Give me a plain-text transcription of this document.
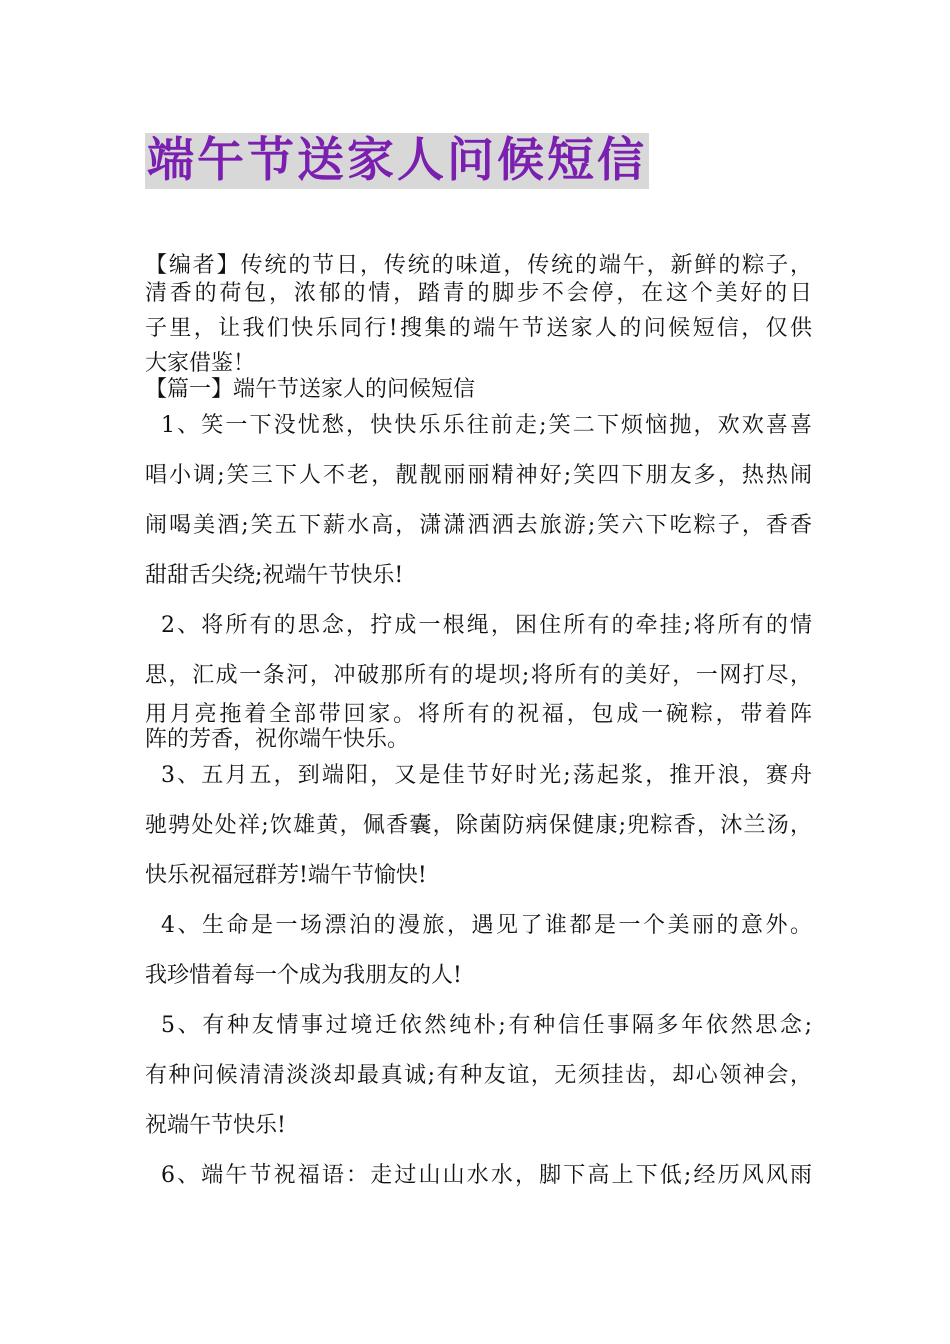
端午节送家人问候短信
【编者】传统的节日，传统的味道，传统的端午，新鲜的粽子，
清香的荷包，浓郁的情，踏青的脚步不会停，在这个美好的日
子里，让我们快乐同行!搜集的端午节送家人的问候短信，仅供
大家借鉴！
【篇一】端午节送家人的问候短信
1、笑一下没忧愁，快快乐乐往前走;笑二下烦恼抛，欢欢喜喜
唱小调;笑三下人不老，靓靓丽丽精神好;笑四下朋友多，热热闹
闹喝美酒;笑五下薪水高，潇潇洒洒去旅游;笑六下吃粽子，香香
甜甜舌尖绕;祝端午节快乐!
2、将所有的思念，拧成一根绳，困住所有的牵挂;将所有的情
思，汇成一条河，冲破那所有的堤坝;将所有的美好，一网打尽，
用月亮拖着全部带回家。将所有的祝福，包成一碗粽，带着阵
阵的芳香，祝你端午快乐。
3、五月五，到端阳，又是佳节好时光;荡起浆，推开浪，赛舟
驰骋处处祥;饮雄黄，佩香囊，除菌防病保健康;兜粽香，沐兰汤，
快乐祝福冠群芳!端午节愉快!
4、生命是一场漂泊的漫旅，遇见了谁都是一个美丽的意外。
我珍惜着每一个成为我朋友的人!
5、有种友情事过境迁依然纯朴;有种信任事隔多年依然思念;
有种问候清清淡淡却最真诚;有种友谊，无须挂齿，却心领神会，
祝端午节快乐!
6、端午节祝福语：走过山山水水，脚下高上下低;经历风风雨
